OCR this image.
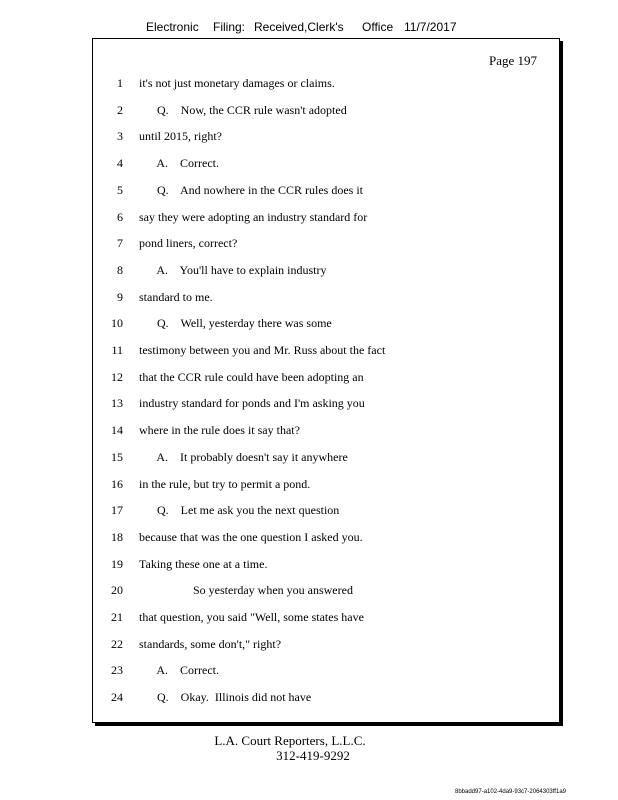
Electronic Filing: Received,Clerk's Office 11/7/2017
Page 197
1 it's not just monetary damages or claims.
2 Q.    Now, the CCR rule wasn't adopted
3 until 2015, right?
4 A.    Correct.
5 Q.    And nowhere in the CCR rules does it
6 say they were adopting an industry standard for
7 pond liners, correct?
8 A.    You'll have to explain industry
9 standard to me.
10 Q.    Well, yesterday there was some
11 testimony between you and Mr. Russ about the fact
12 that the CCR rule could have been adopting an
13 industry standard for ponds and I'm asking you
14 where in the rule does it say that?
15 A.    It probably doesn't say it anywhere
16 in the rule, but try to permit a pond.
17 Q.    Let me ask you the next question
18 because that was the one question I asked you.
19 Taking these one at a time.
20 So yesterday when you answered
21 that question, you said "Well, some states have
22 standards, some don't," right?
23 A.    Correct.
24 Q.    Okay.  Illinois did not have
L.A. Court Reporters, L.L.C.
312-419-9292
8bbadd97-a102-4da9-93c7-2064303ff1a9
